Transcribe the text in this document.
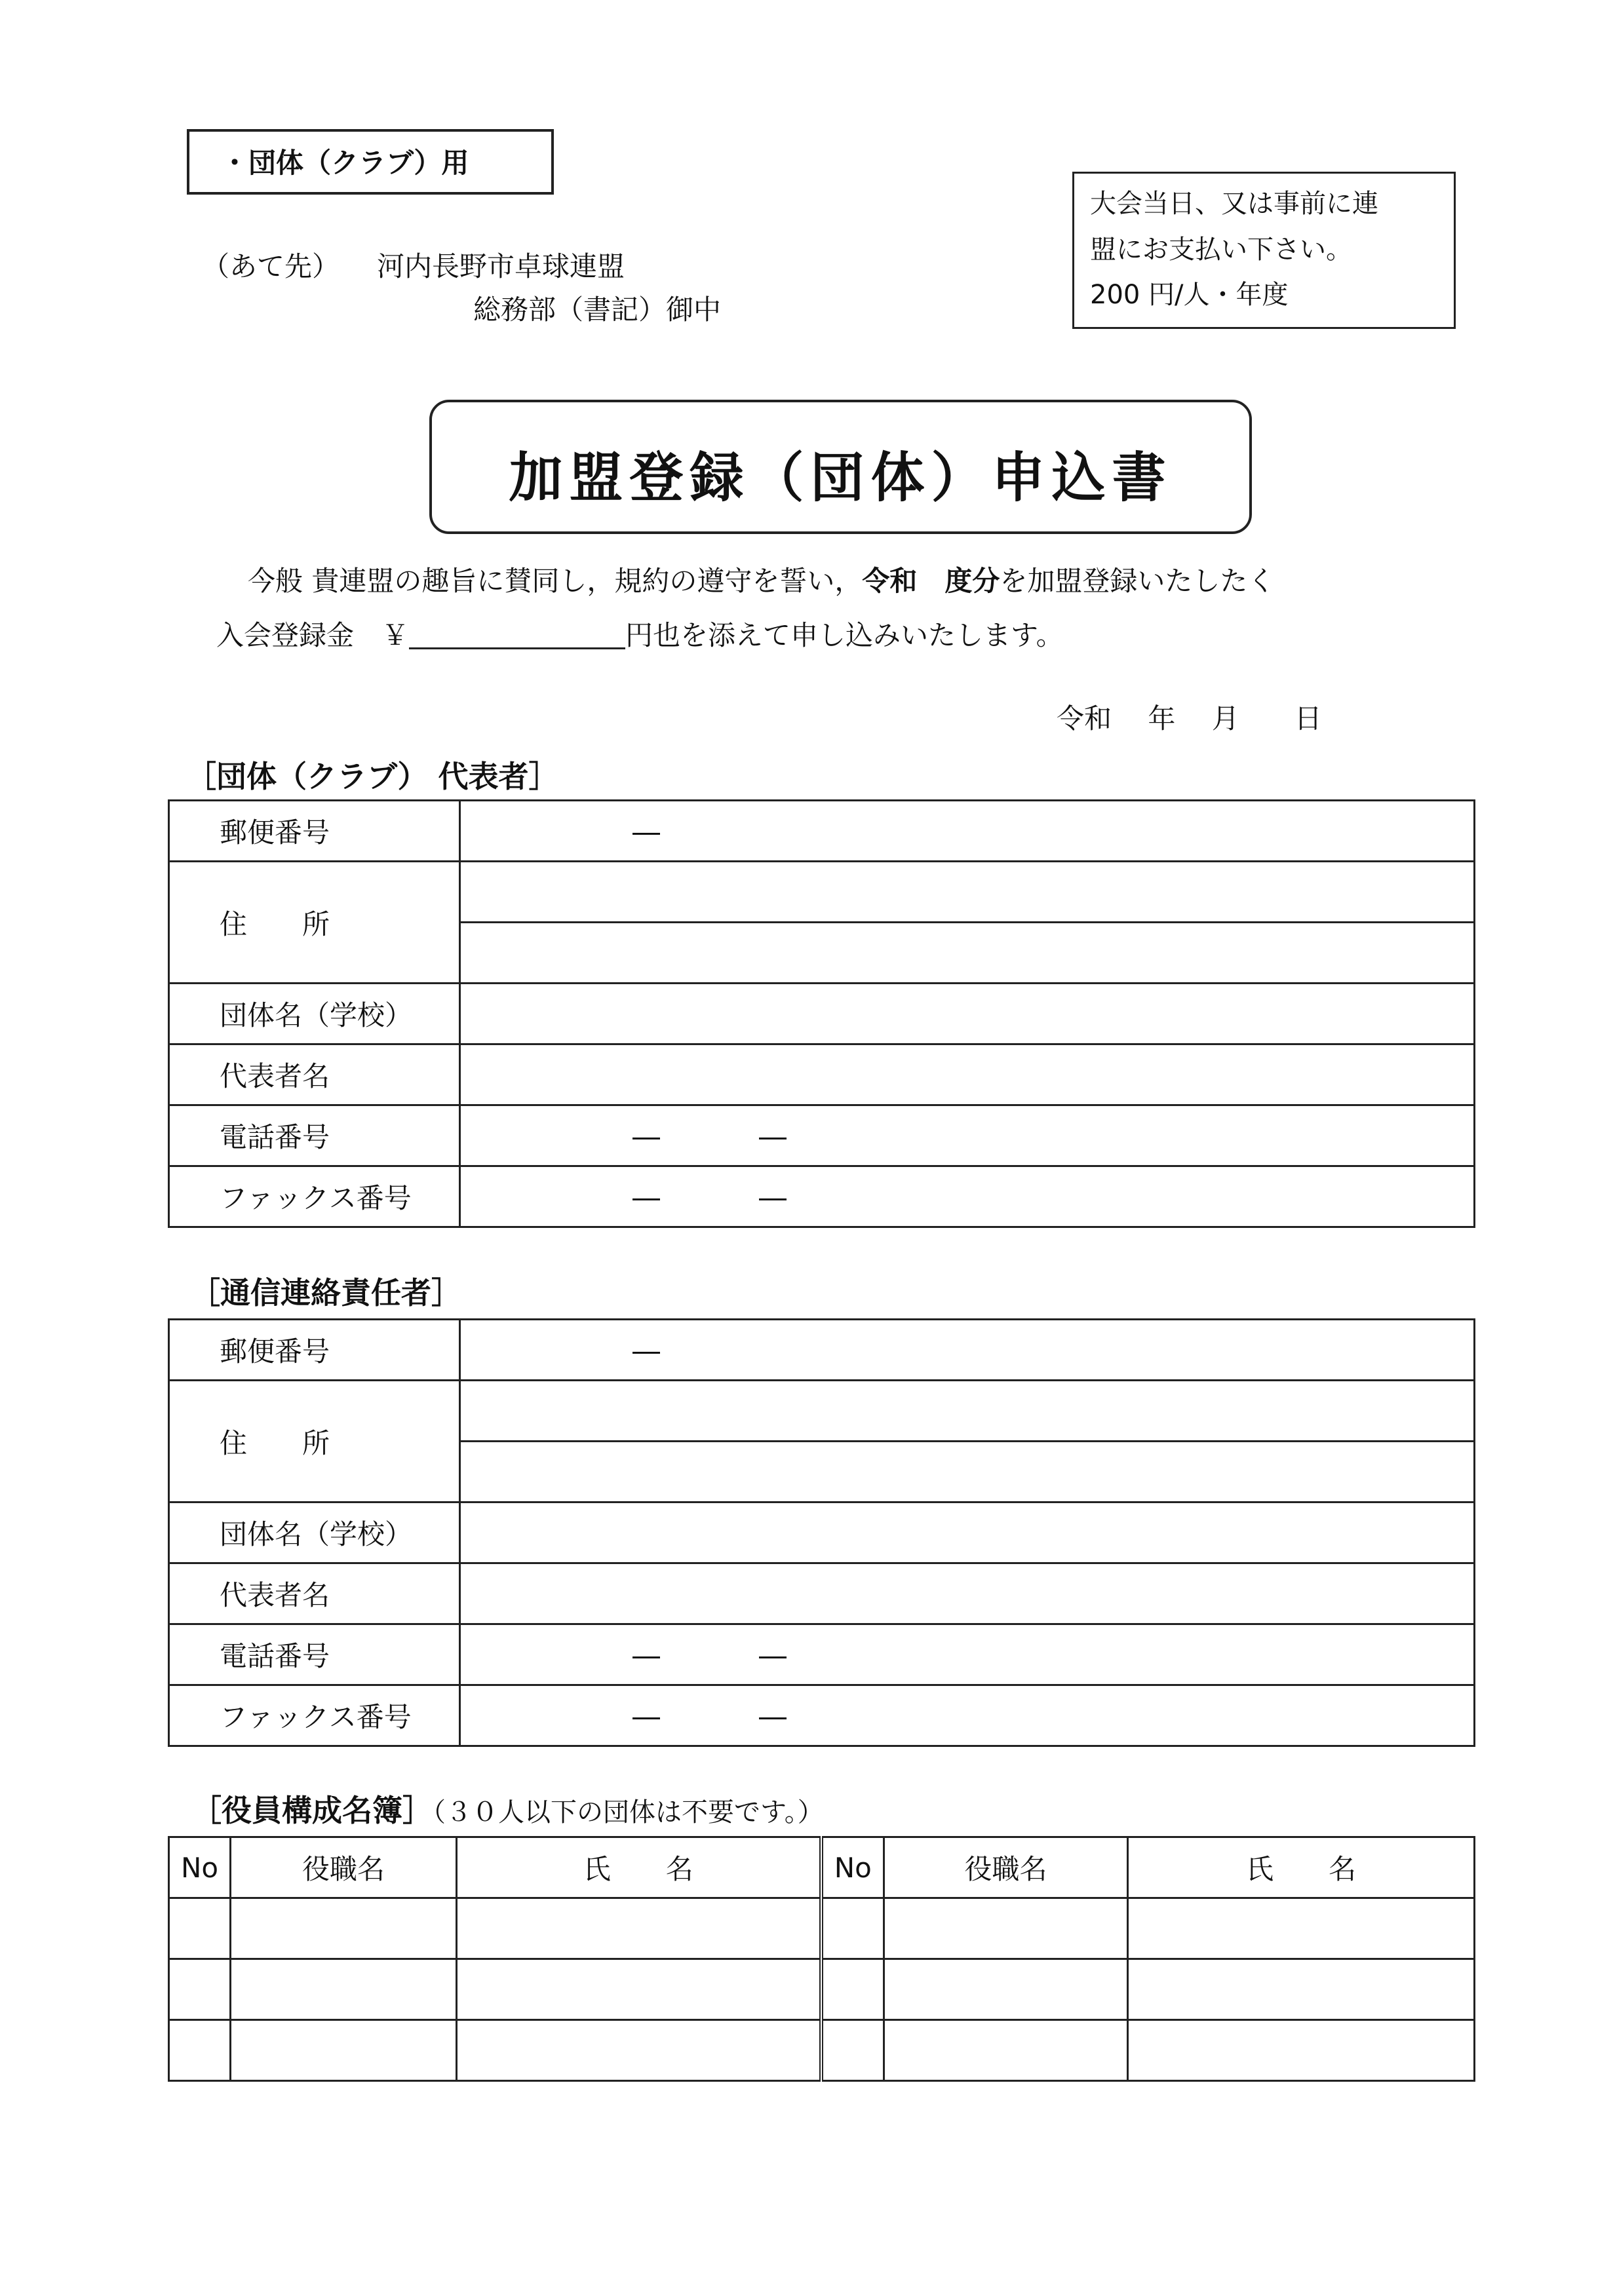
・団体（クラブ）用
（あて先） 河内長野市卓球連盟
総務部（書記）御中
大会当日、又は事前に連
盟にお支払い下さい。
200 円/人・年度
加盟登録（団体）申込書
今般 貴連盟の趣旨に賛同し，規約の遵守を誓い，令和　度分を加盟登録いたしたく
入会登録金　￥	円也を添えて申し込みいたします。
令和　 年　 月　　日
［団体（クラブ） 代表者］
郵便番号	―

住　　所	

団体名（学校）	
代表者名	
電話番号	― ―

ファックス番号	― ―
［通信連絡責任者］
郵便番号	―

住　　所	

団体名（学校）	
代表者名	
電話番号	― ―

ファックス番号	― ―
［役員構成名簿］（３０人以下の団体は不要です。）
No	役職名	氏　　名	No	役職名	氏　　名
